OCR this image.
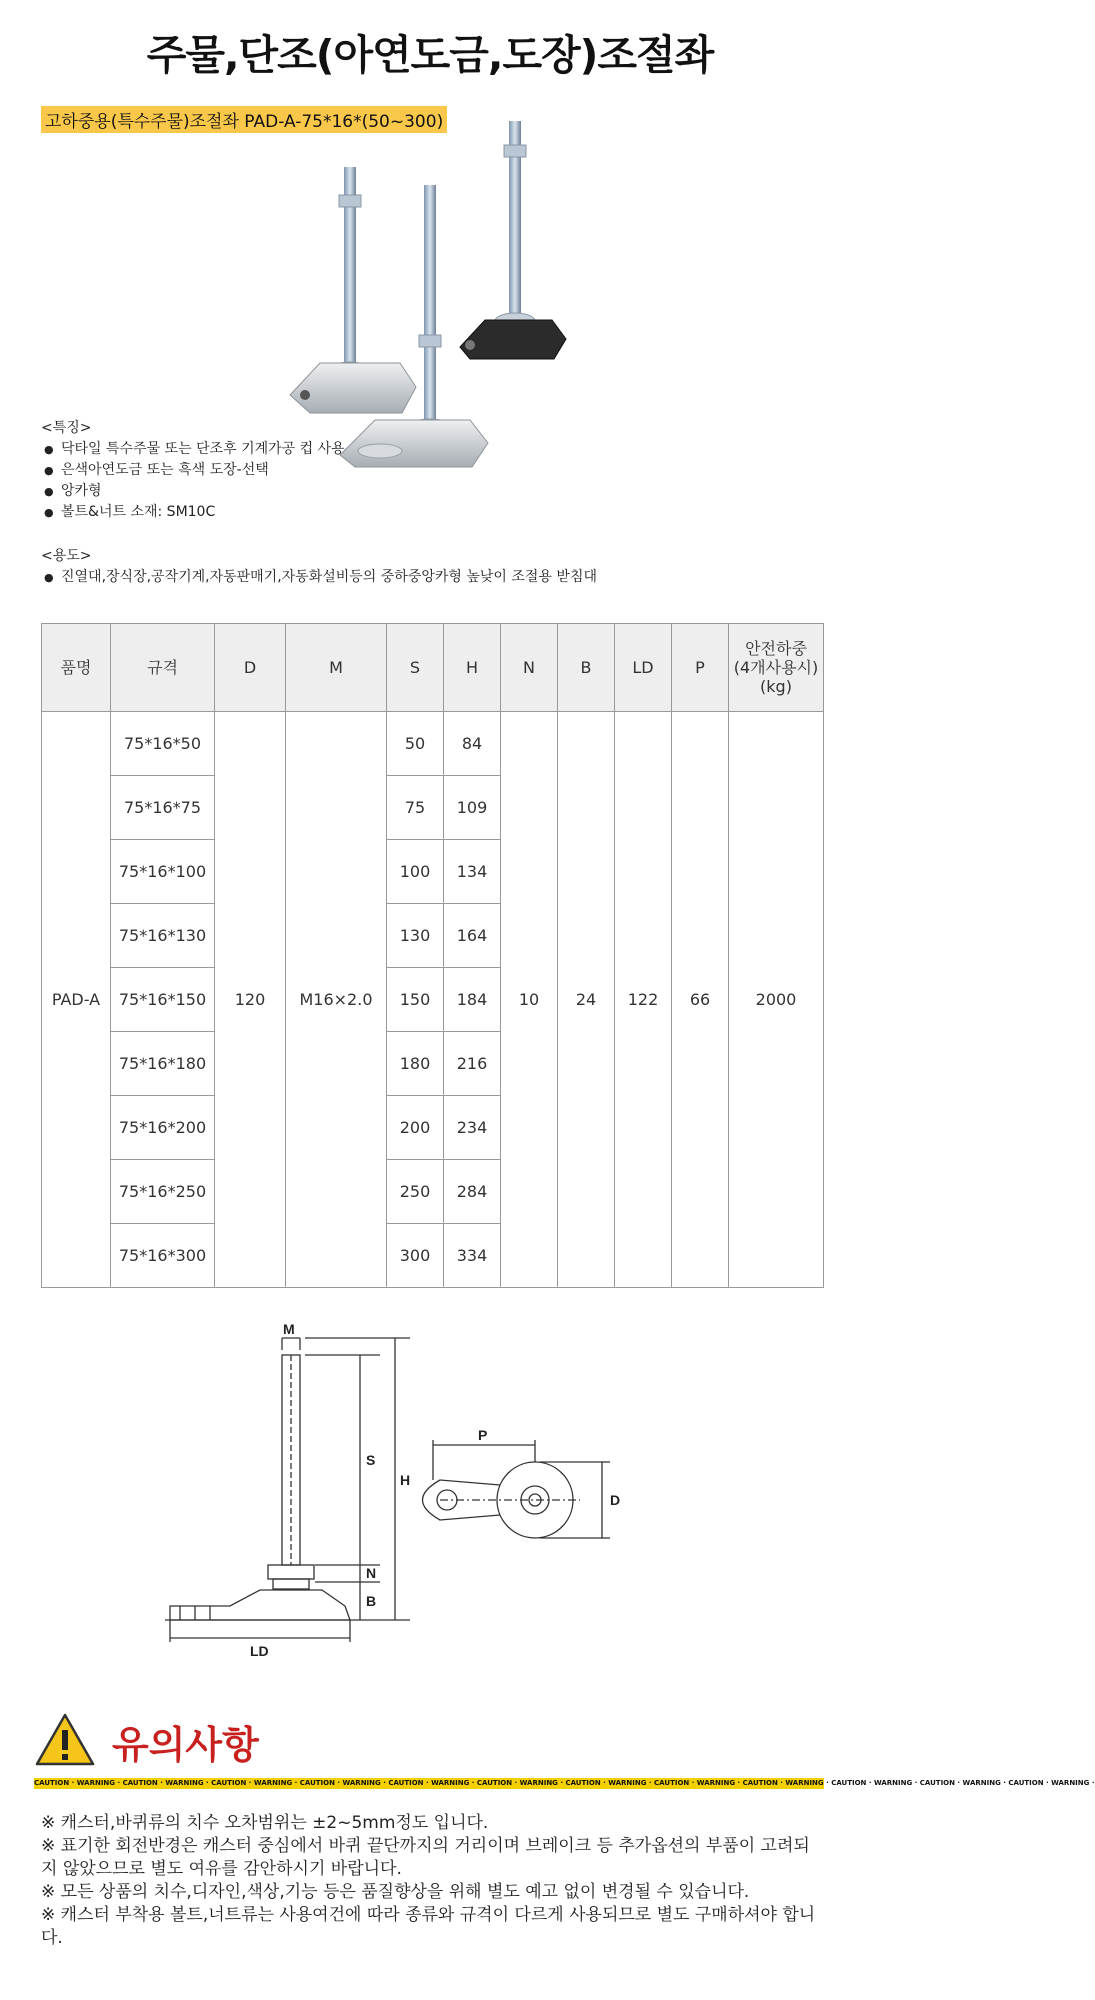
주물,단조(아연도금,도장)조절좌
고하중용(특수주물)조절좌 PAD-A-75*16*(50~300)
<특징>
● 닥타일 특수주물 또는 단조후 기계가공 컵 사용
● 은색아연도금 또는 흑색 도장-선택
● 앙카형
● 볼트&너트 소재: SM10C
<용도>
● 진열대,장식장,공작기계,자동판매기,자동화설비등의 중하중앙카형 높낮이 조절용 받침대
품명	규격	D	M	S	H	N	B	LD	P	안전하중
(4개사용시)
(kg)
PAD-A	75*16*50	120	M16×2.0	50	84	10	24	122	66	2000
	75*16*75			75	109					
	75*16*100			100	134					
	75*16*130			130	164					
	75*16*150			150	184					
	75*16*180			180	216					
	75*16*200			200	234					
	75*16*250			250	284					
	75*16*300			300	334					
M
S
H
N
B
LD
P
D
유의사항
CAUTION · WARNING · CAUTION · WARNING · CAUTION · WARNING · CAUTION · WARNING · CAUTION · WARNING · CAUTION · WARNING · CAUTION · WARNING · CAUTION · WARNING · CAUTION · WARNING · CAUTION · WARNING · CAUTION · WARNING · CAUTION · WARNING ·

※ 캐스터,바퀴류의 치수 오차범위는 ±2~5mm정도 입니다.

※ 표기한 회전반경은 캐스터 중심에서 바퀴 끝단까지의 거리이며 브레이크 등 추가옵션의 부품이 고려되지 않았으므로 별도 여유를 감안하시기 바랍니다.

※ 모든 상품의 치수,디자인,색상,기능 등은 품질향상을 위해 별도 예고 없이 변경될 수 있습니다.

※ 캐스터 부착용 볼트,너트류는 사용여건에 따라 종류와 규격이 다르게 사용되므로 별도 구매하셔야 합니다.
